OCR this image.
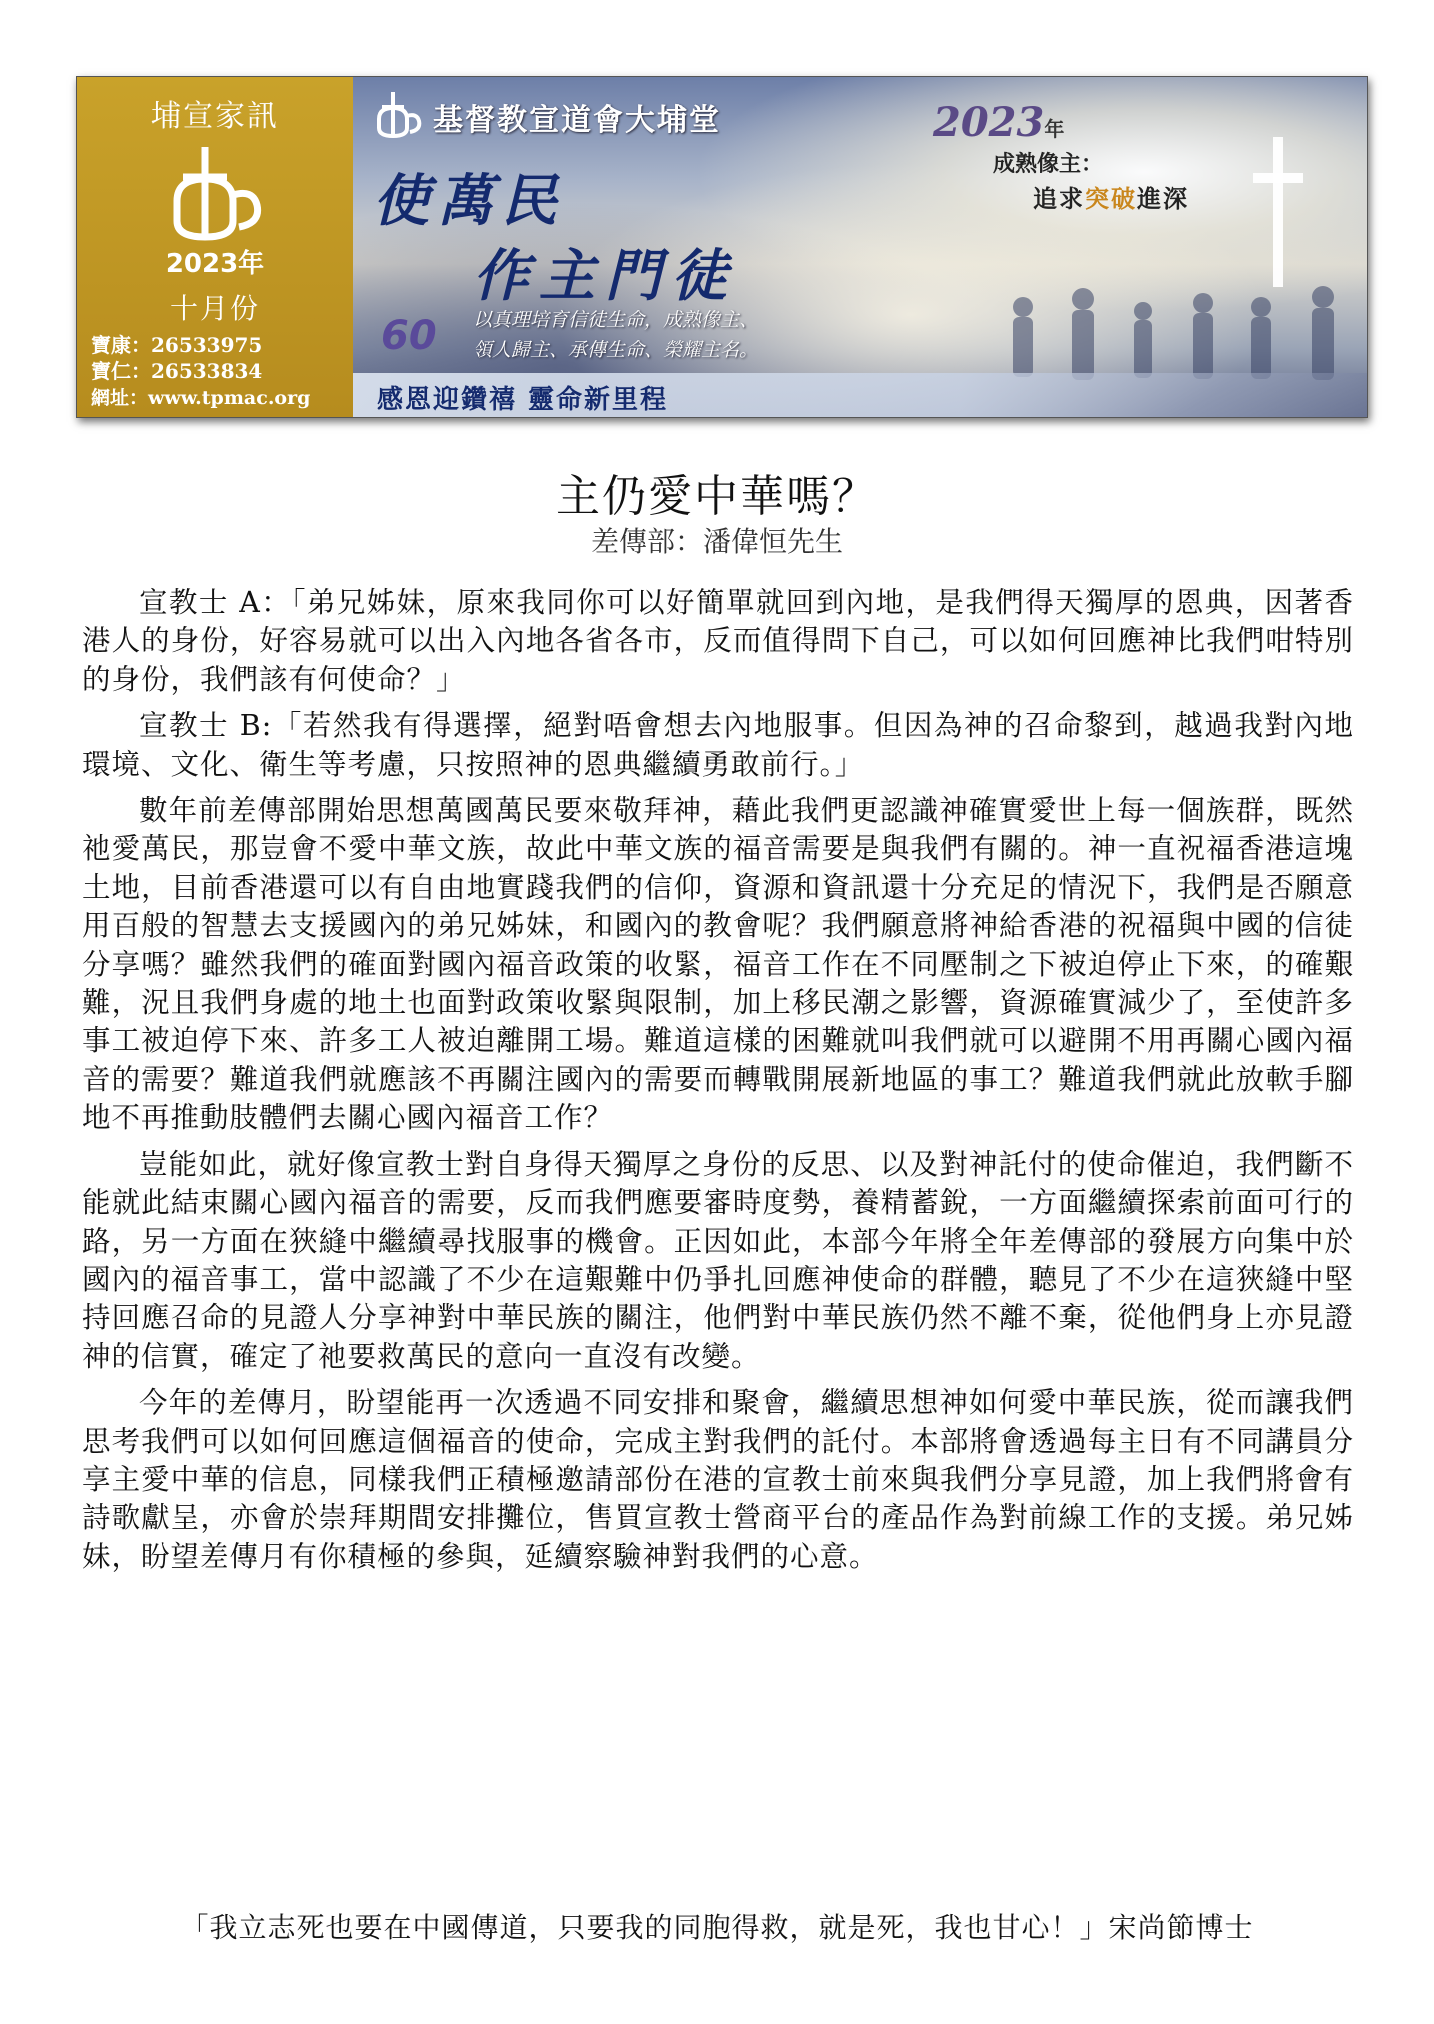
埔宣家訊
2023年
十月份
寶康：26533975
寶仁：26533834
網址：www.tpmac.org
基督教宣道會大埔堂
使萬民
作主門徒
2023年
成熟像主：
追求突破進深
60 以真理培育信徒生命，成熟像主、
領人歸主、承傳生命、榮耀主名。
感恩迎鑽禧 靈命新里程
主仍愛中華嗎？
差傳部：潘偉恒先生

宣教士 A：「弟兄姊妹，原來我同你可以好簡單就回到內地，是我們得天獨厚的恩典，因著香港人的身份，好容易就可以出入內地各省各市，反而值得問下自己，可以如何回應神比我們咁特別的身份，我們該有何使命？」

宣教士 B:「若然我有得選擇，絕對唔會想去內地服事。但因為神的召命黎到，越過我對內地環境、文化、衛生等考慮，只按照神的恩典繼續勇敢前行。」

數年前差傳部開始思想萬國萬民要來敬拜神，藉此我們更認識神確實愛世上每一個族群，既然祂愛萬民，那豈會不愛中華文族，故此中華文族的福音需要是與我們有關的。神一直祝福香港這塊土地，目前香港還可以有自由地實踐我們的信仰，資源和資訊還十分充足的情況下，我們是否願意用百般的智慧去支援國內的弟兄姊妹，和國內的教會呢？我們願意將神給香港的祝福與中國的信徒分享嗎？雖然我們的確面對國內福音政策的收緊，福音工作在不同壓制之下被迫停止下來，的確艱難，況且我們身處的地土也面對政策收緊與限制，加上移民潮之影響，資源確實減少了，至使許多事工被迫停下來、許多工人被迫離開工場。難道這樣的困難就叫我們就可以避開不用再關心國內福音的需要？難道我們就應該不再關注國內的需要而轉戰開展新地區的事工？難道我們就此放軟手腳地不再推動肢體們去關心國內福音工作？

豈能如此，就好像宣教士對自身得天獨厚之身份的反思、以及對神託付的使命催迫，我們斷不能就此結束關心國內福音的需要，反而我們應要審時度勢，養精蓄銳，一方面繼續探索前面可行的路，另一方面在狹縫中繼續尋找服事的機會。正因如此，本部今年將全年差傳部的發展方向集中於國內的福音事工，當中認識了不少在這艱難中仍爭扎回應神使命的群體，聽見了不少在這狹縫中堅持回應召命的見證人分享神對中華民族的關注，他們對中華民族仍然不離不棄，從他們身上亦見證神的信實，確定了祂要救萬民的意向一直沒有改變。

今年的差傳月，盼望能再一次透過不同安排和聚會，繼續思想神如何愛中華民族，從而讓我們思考我們可以如何回應這個福音的使命，完成主對我們的託付。本部將會透過每主日有不同講員分享主愛中華的信息，同樣我們正積極邀請部份在港的宣教士前來與我們分享見證，加上我們將會有詩歌獻呈，亦會於崇拜期間安排攤位，售買宣教士營商平台的產品作為對前線工作的支援。弟兄姊妹，盼望差傳月有你積極的參與，延續察驗神對我們的心意。

「我立志死也要在中國傳道，只要我的同胞得救，就是死，我也甘心！」宋尚節博士
